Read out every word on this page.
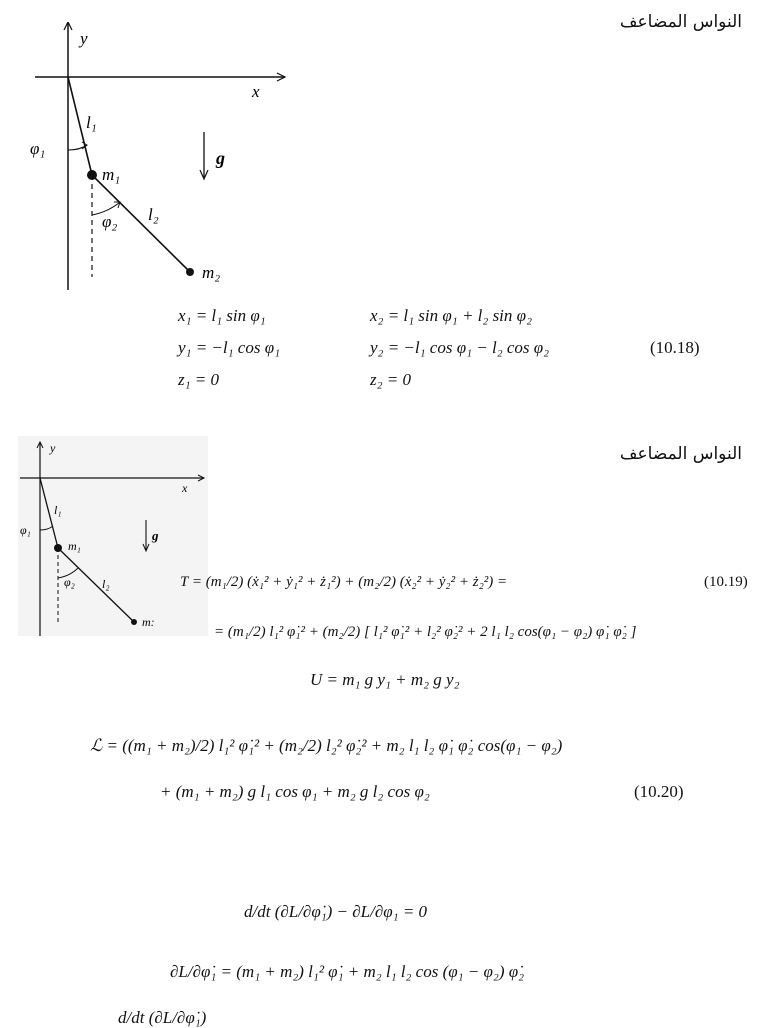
النواس المضاعف
y
x
l₁
φ₁
m₁
g
φ₂ l₂
m₂
x₁ = l₁ sin φ₁	x₂ = l₁ sin φ₁ + l₂ sin φ₂
y₁ = −l₁ cos φ₁	y₂ = −l₁ cos φ₁ − l₂ cos φ₂	(10.18)
z₁ = 0	z₂ = 0
النواس المضاعف
y
x
l₁
φ₁
m₁
g
φ₂ l₂
m:
T = (m₁/2) (ẋ₁² + ẏ₁² + ż₁²) + (m₂/2) (ẋ₂² + ẏ₂² + ż₂²) =	(10.19)
= (m₁/2) l₁² φ̇₁² + (m₂/2) [ l₁² φ̇₁² + l₂² φ̇₂² + 2 l₁ l₂ cos(φ₁ − φ₂) φ̇₁ φ̇₂ ]
U = m₁ g y₁ + m₂ g y₂
ℒ = ((m₁ + m₂)/2) l₁² φ̇₁² + (m₂/2) l₂² φ̇₂² + m₂ l₁ l₂ φ̇₁ φ̇₂ cos(φ₁ − φ₂)
+ (m₁ + m₂) g l₁ cos φ₁ + m₂ g l₂ cos φ₂	(10.20)
d/dt (∂L/∂φ̇₁) − ∂L/∂φ₁ = 0
∂L/∂φ̇₁ = (m₁ + m₂) l₁² φ̇₁ + m₂ l₁ l₂ cos (φ₁ − φ₂) φ̇₂
d/dt (∂L/∂φ̇₁)
